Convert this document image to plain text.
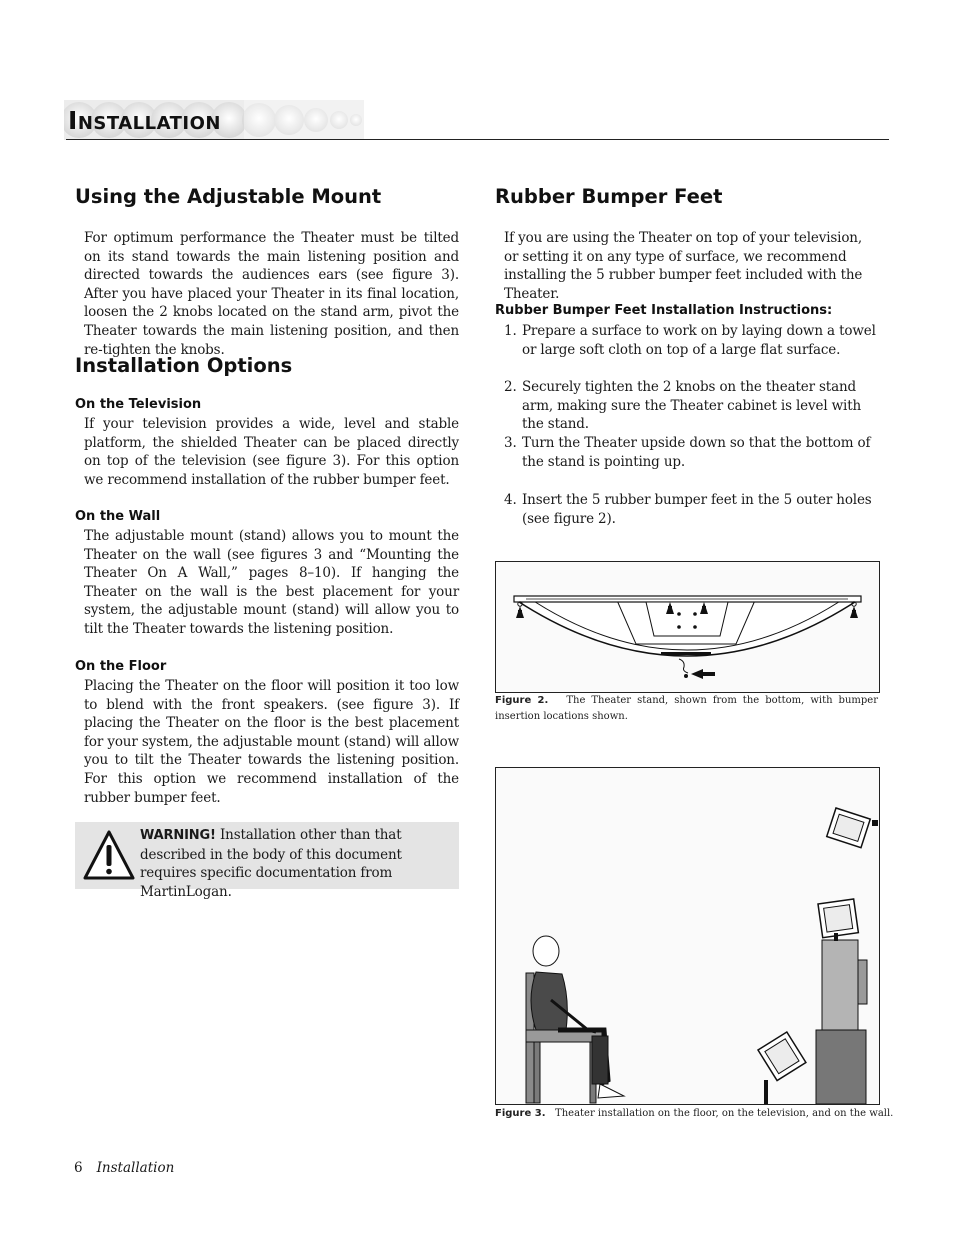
INSTALLATION
Using the Adjustable Mount

For optimum performance the Theater must be tilted on its stand towards the main listening position and directed towards the audiences ears (see figure 3). After you have placed your Theater in its final location, loosen the 2 knobs located on the stand arm, pivot the Theater towards the main listening position, and then re-tighten the knobs.

Installation Options
On the Television

If your television provides a wide, level and stable platform, the shielded Theater can be placed directly on top of the television (see figure 3). For this option we recommend installation of the rubber bumper feet.

On the Wall

The adjustable mount (stand) allows you to mount the Theater on the wall (see figures 3 and “Mounting the Theater On A Wall,” pages 8–10). If hanging the Theater on the wall is the best placement for your system, the adjustable mount (stand) will allow you to tilt the Theater towards the listening position.

On the Floor

Placing the Theater on the floor will position it too low to blend with the front speakers. (see figure 3). If placing the Theater on the floor is the best placement for your system, the adjustable mount (stand) will allow you to tilt the Theater towards the listening position. For this option we recommend installation of the rubber bumper feet.

WARNING! Installation other than that described in the body of this document requires specific documentation from MartinLogan.
Rubber Bumper Feet

If you are using the Theater on top of your television, or setting it on any type of surface, we recommend installing the 5 rubber bumper feet included with the Theater.

Rubber Bumper Feet Installation Instructions:
1. Prepare a surface to work on by laying down a towel or large soft cloth on top of a large flat surface.
2. Securely tighten the 2 knobs on the theater stand arm, making sure the Theater cabinet is level with the stand.
3. Turn the Theater upside down so that the bottom of the stand is pointing up.
4. Insert the 5 rubber bumper feet in the 5 outer holes (see figure 2).

Figure 2. The Theater stand, shown from the bottom, with bumper insertion locations shown.

Figure 3. Theater installation on the floor, on the television, and on the wall.

6 Installation
